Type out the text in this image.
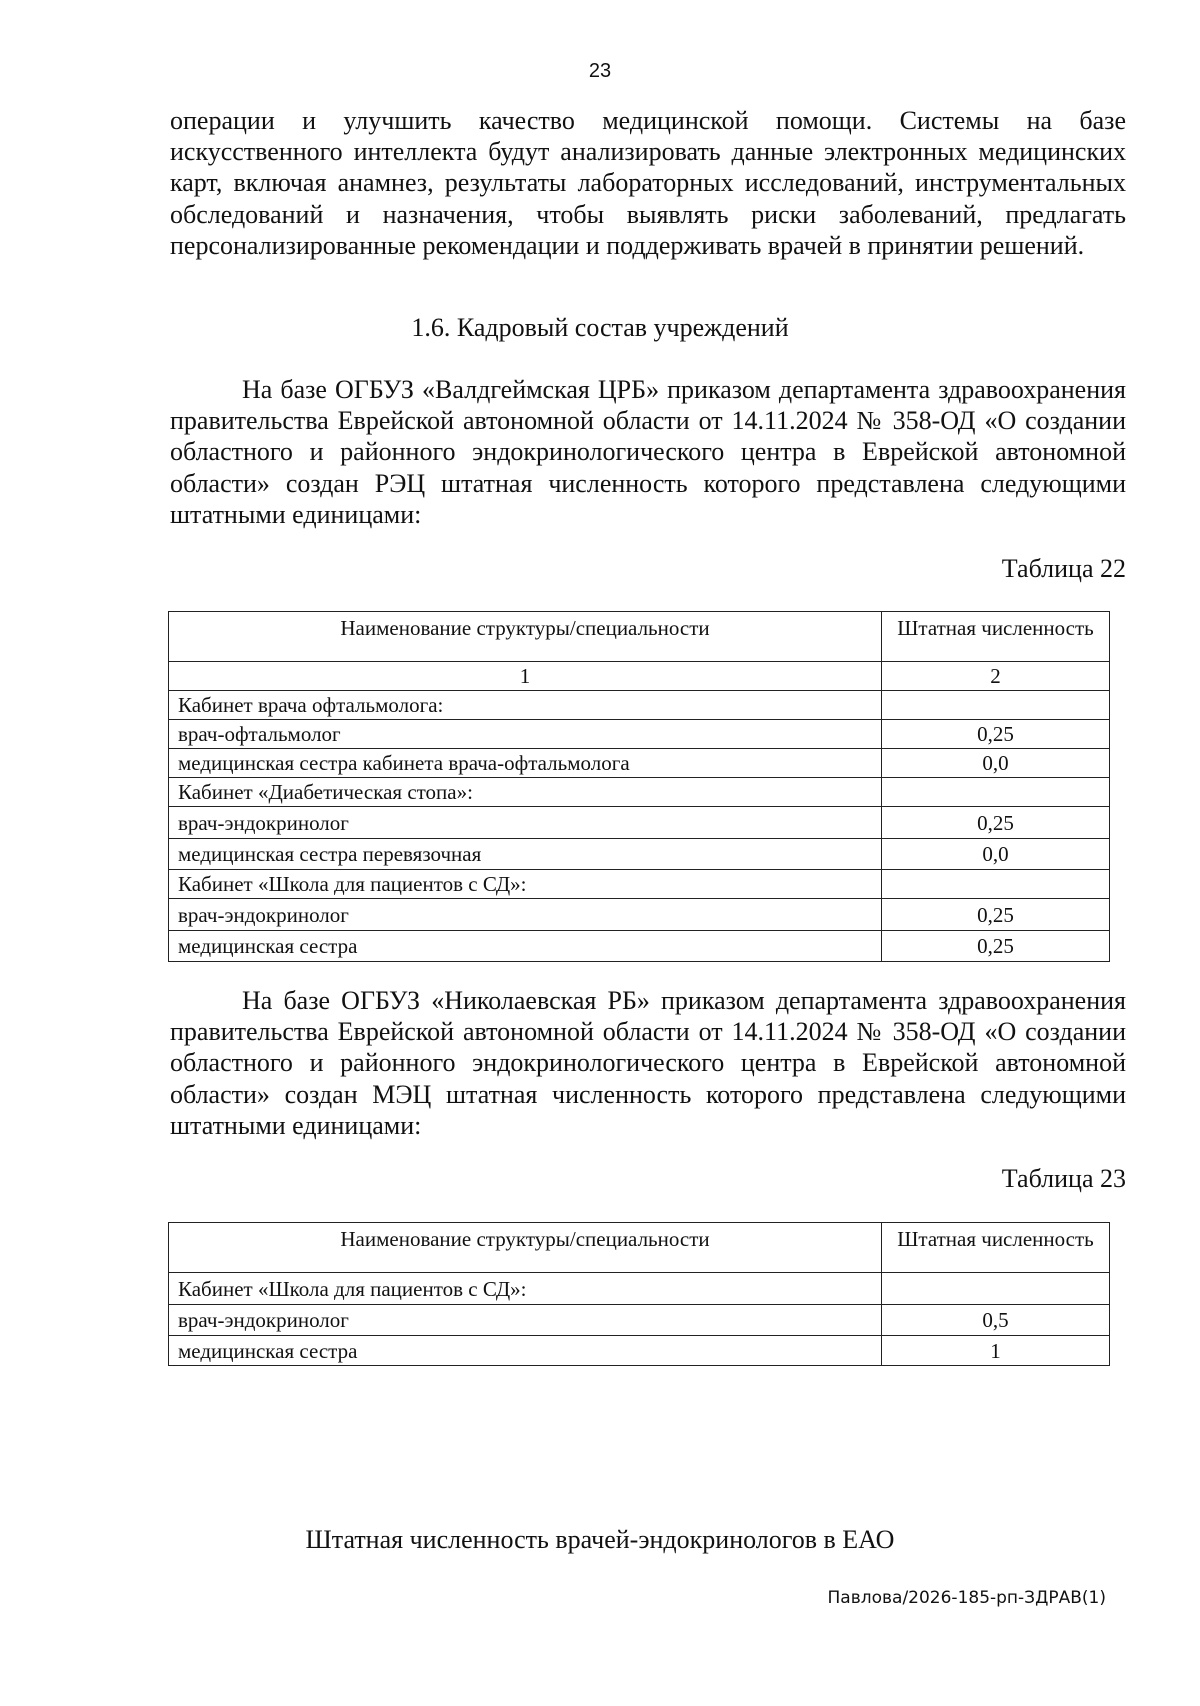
23
операции и улучшить качество медицинской помощи. Системы на базе искусственного интеллекта будут анализировать данные электронных медицинских карт, включая анамнез, результаты лабораторных исследований, инструментальных обследований и назначения, чтобы выявлять риски заболеваний, предлагать персонализированные рекомендации и поддерживать врачей в принятии решений.
1.6. Кадровый состав учреждений
На базе ОГБУЗ «Валдгеймская ЦРБ» приказом департамента здравоохранения правительства Еврейской автономной области от 14.11.2024 № 358-ОД «О создании областного и районного эндокринологического центра в Еврейской автономной области» создан РЭЦ штатная численность которого представлена следующими штатными единицами:
Таблица 22
Наименование структуры/специальности	Штатная численность
1	2
Кабинет врача офтальмолога:	
врач-офтальмолог	0,25
медицинская сестра кабинета врача-офтальмолога	0,0
Кабинет «Диабетическая стопа»:	
врач-эндокринолог	0,25
медицинская сестра перевязочная	0,0
Кабинет «Школа для пациентов с СД»:	
врач-эндокринолог	0,25
медицинская сестра	0,25
На базе ОГБУЗ «Николаевская РБ» приказом департамента здравоохранения правительства Еврейской автономной области от 14.11.2024 № 358-ОД «О создании областного и районного эндокринологического центра в Еврейской автономной области» создан МЭЦ штатная численность которого представлена следующими штатными единицами:
Таблица 23
Наименование структуры/специальности	Штатная численность
Кабинет «Школа для пациентов с СД»:	
врач-эндокринолог	0,5
медицинская сестра	1
Штатная численность врачей-эндокринологов в ЕАО
Павлова/2026-185-рп-ЗДРАВ(1)
